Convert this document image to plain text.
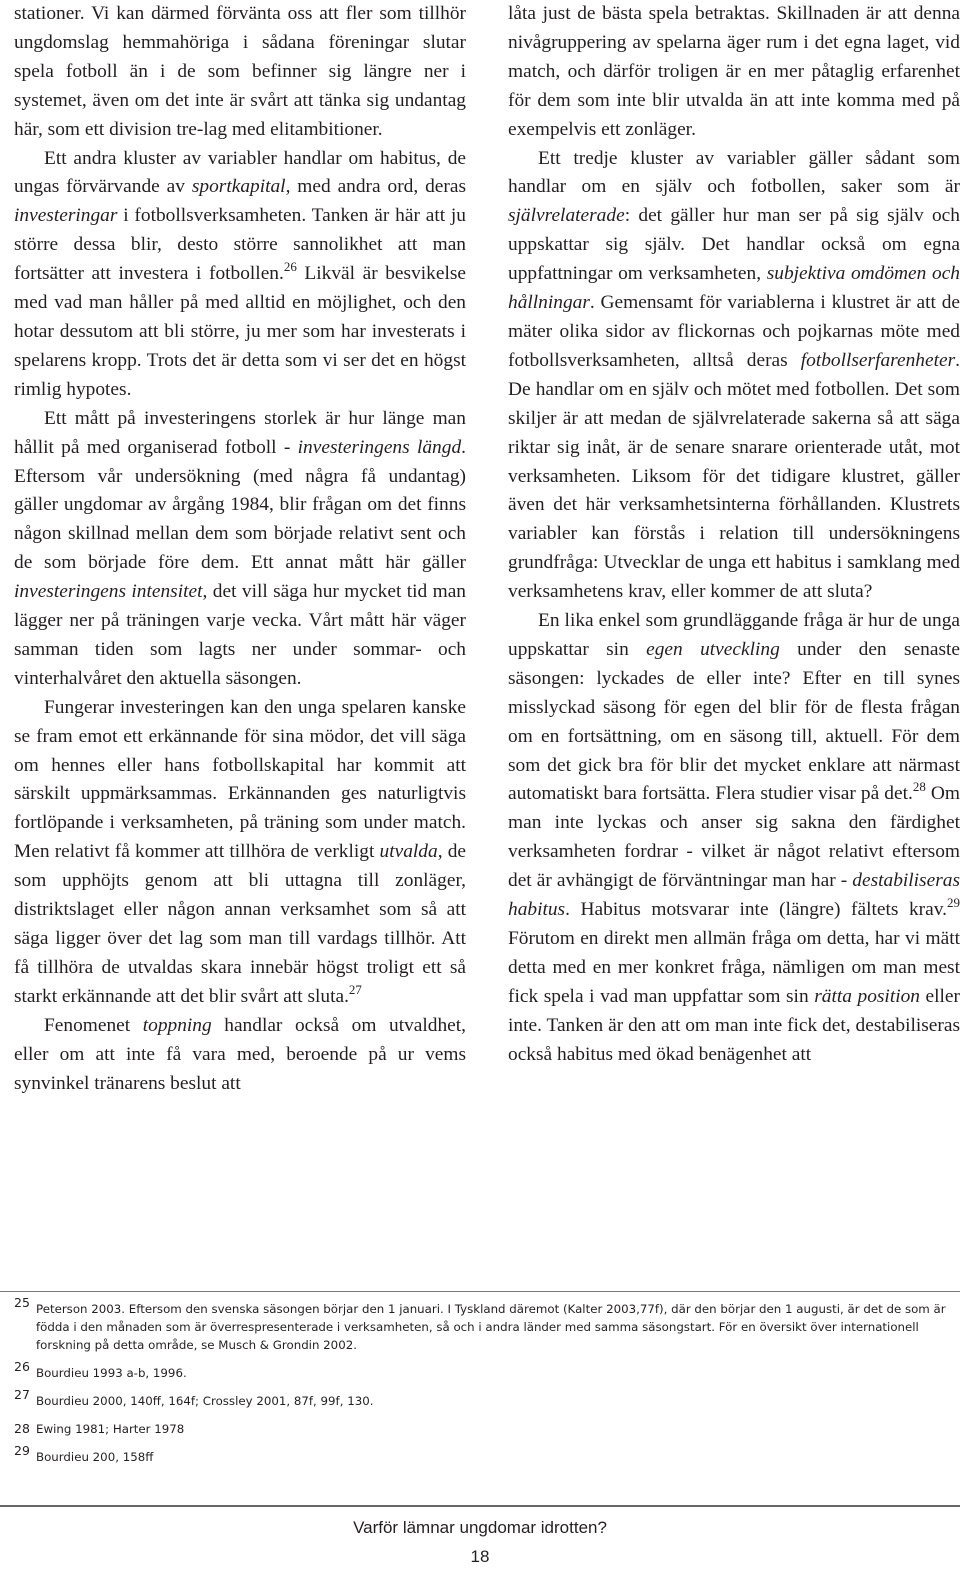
stationer. Vi kan därmed förvänta oss att fler som tillhör ungdomslag hemmahöriga i sådana föreningar slutar spela fotboll än i de som befinner sig längre ner i systemet, även om det inte är svårt att tänka sig undantag här, som ett division tre-lag med elitambitioner.

Ett andra kluster av variabler handlar om habitus, de ungas förvärvande av sportkapital, med andra ord, deras investeringar i fotbollsverksamheten. Tanken är här att ju större dessa blir, desto större sannolikhet att man fortsätter att investera i fotbollen.$^{26}$ Likväl är besvikelse med vad man håller på med alltid en möjlighet, och den hotar dessutom att bli större, ju mer som har investerats i spelarens kropp. Trots det är detta som vi ser det en högst rimlig hypotes.

Ett mått på investeringens storlek är hur länge man hållit på med organiserad fotboll - investeringens längd. Eftersom vår undersökning (med några få undantag) gäller ungdomar av årgång 1984, blir frågan om det finns någon skillnad mellan dem som började relativt sent och de som började före dem. Ett annat mått här gäller investeringens intensitet, det vill säga hur mycket tid man lägger ner på träningen varje vecka. Vårt mått här väger samman tiden som lagts ner under sommar- och vinterhalvåret den aktuella säsongen.

Fungerar investeringen kan den unga spelaren kanske se fram emot ett erkännande för sina mödor, det vill säga om hennes eller hans fotbollskapital har kommit att särskilt uppmärksammas. Erkännanden ges naturligtvis fortlöpande i verksamheten, på träning som under match. Men relativt få kommer att tillhöra de verkligt utvalda, de som upphöjts genom att bli uttagna till zonläger, distriktslaget eller någon annan verksamhet som så att säga ligger över det lag som man till vardags tillhör. Att få tillhöra de utvaldas skara innebär högst troligt ett så starkt erkännande att det blir svårt att sluta.$^{27}$

Fenomenet toppning handlar också om utvaldhet, eller om att inte få vara med, beroende på ur vems synvinkel tränarens beslut att

låta just de bästa spela betraktas. Skillnaden är att denna nivågruppering av spelarna äger rum i det egna laget, vid match, och därför troligen är en mer påtaglig erfarenhet för dem som inte blir utvalda än att inte komma med på exempelvis ett zonläger.

Ett tredje kluster av variabler gäller sådant som handlar om en själv och fotbollen, saker som är självrelaterade: det gäller hur man ser på sig själv och uppskattar sig själv. Det handlar också om egna uppfattningar om verksamheten, subjektiva omdömen och hållningar. Gemensamt för variablerna i klustret är att de mäter olika sidor av flickornas och pojkarnas möte med fotbollsverksamheten, alltså deras fotbollserfarenheter. De handlar om en själv och mötet med fotbollen. Det som skiljer är att medan de självrelaterade sakerna så att säga riktar sig inåt, är de senare snarare orienterade utåt, mot verksamheten. Liksom för det tidigare klustret, gäller även det här verksamhetsinterna förhållanden. Klustrets variabler kan förstås i relation till undersökningens grundfråga: Utvecklar de unga ett habitus i samklang med verksamhetens krav, eller kommer de att sluta?

En lika enkel som grundläggande fråga är hur de unga uppskattar sin egen utveckling under den senaste säsongen: lyckades de eller inte? Efter en till synes misslyckad säsong för egen del blir för de flesta frågan om en fortsättning, om en säsong till, aktuell. För dem som det gick bra för blir det mycket enklare att närmast automatiskt bara fortsätta. Flera studier visar på det.$^{28}$ Om man inte lyckas och anser sig sakna den färdighet verksamheten fordrar - vilket är något relativt eftersom det är avhängigt de förväntningar man har - destabiliseras habitus. Habitus motsvarar inte (längre) fältets krav.$^{29}$ Förutom en direkt men allmän fråga om detta, har vi mätt detta med en mer konkret fråga, nämligen om man mest fick spela i vad man uppfattar som sin rätta position eller inte. Tanken är den att om man inte fick det, destabiliseras också habitus med ökad benägenhet att

25 Peterson 2003. Eftersom den svenska säsongen börjar den 1 januari. I Tyskland däremot (Kalter 2003,77f), där den börjar den 1 augusti, är det de som är födda i den månaden som är överrespresenterade i verksamheten, så och i andra länder med samma säsongstart. För en översikt över internationell forskning på detta område, se Musch & Grondin 2002.

26 Bourdieu 1993 a-b, 1996.

27 Bourdieu 2000, 140ff, 164f; Crossley 2001, 87f, 99f, 130.

28 Ewing 1981; Harter 1978

29 Bourdieu 200, 158ff

Varför lämnar ungdomar idrotten?
18
